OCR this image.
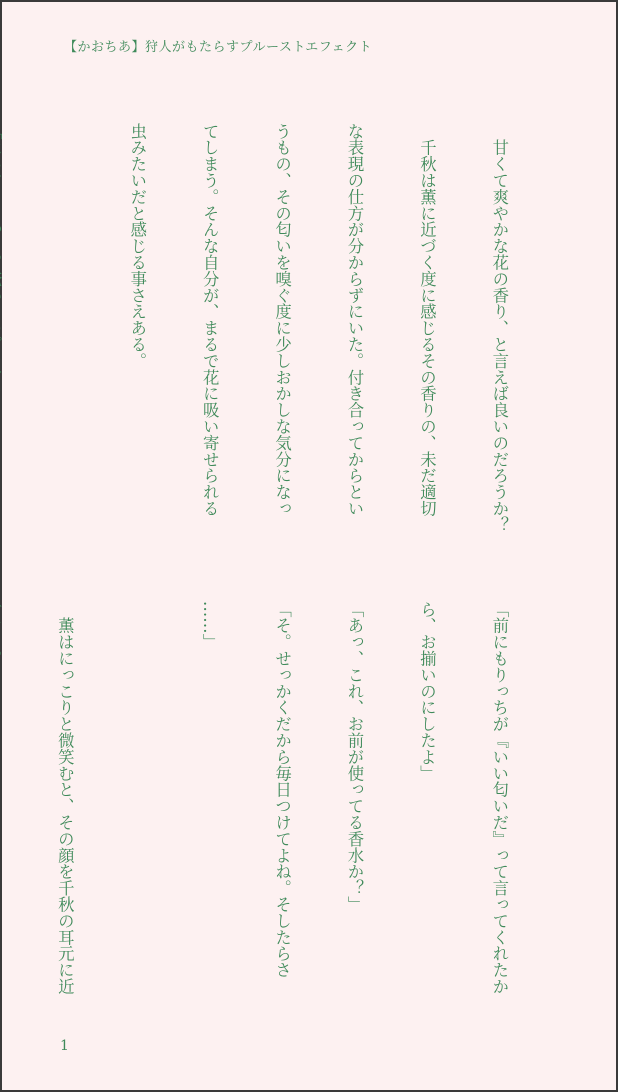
【かおちあ】狩人がもたらすプルーストエフェクト

　甘くて爽やかな花の香り、と言えば良いのだろうか？

　千秋は薫に近づく度に感じるその香りの、未だ適切

な表現の仕方が分からずにいた。付き合ってからとい

うもの、その匂いを嗅ぐ度に少しおかしな気分になっ

てしまう。そんな自分が、まるで花に吸い寄せられる

虫みたいだと感じる事さえある。

「前にもりっちが『いい匂いだ』って言ってくれたか

ら、お揃いのにしたよ」

「あっ、これ、お前が使ってる香水か？」

「そ。せっかくだから毎日つけてよね。そしたらさ

……」

　薫はにっこりと微笑むと、その顔を千秋の耳元に近

1
